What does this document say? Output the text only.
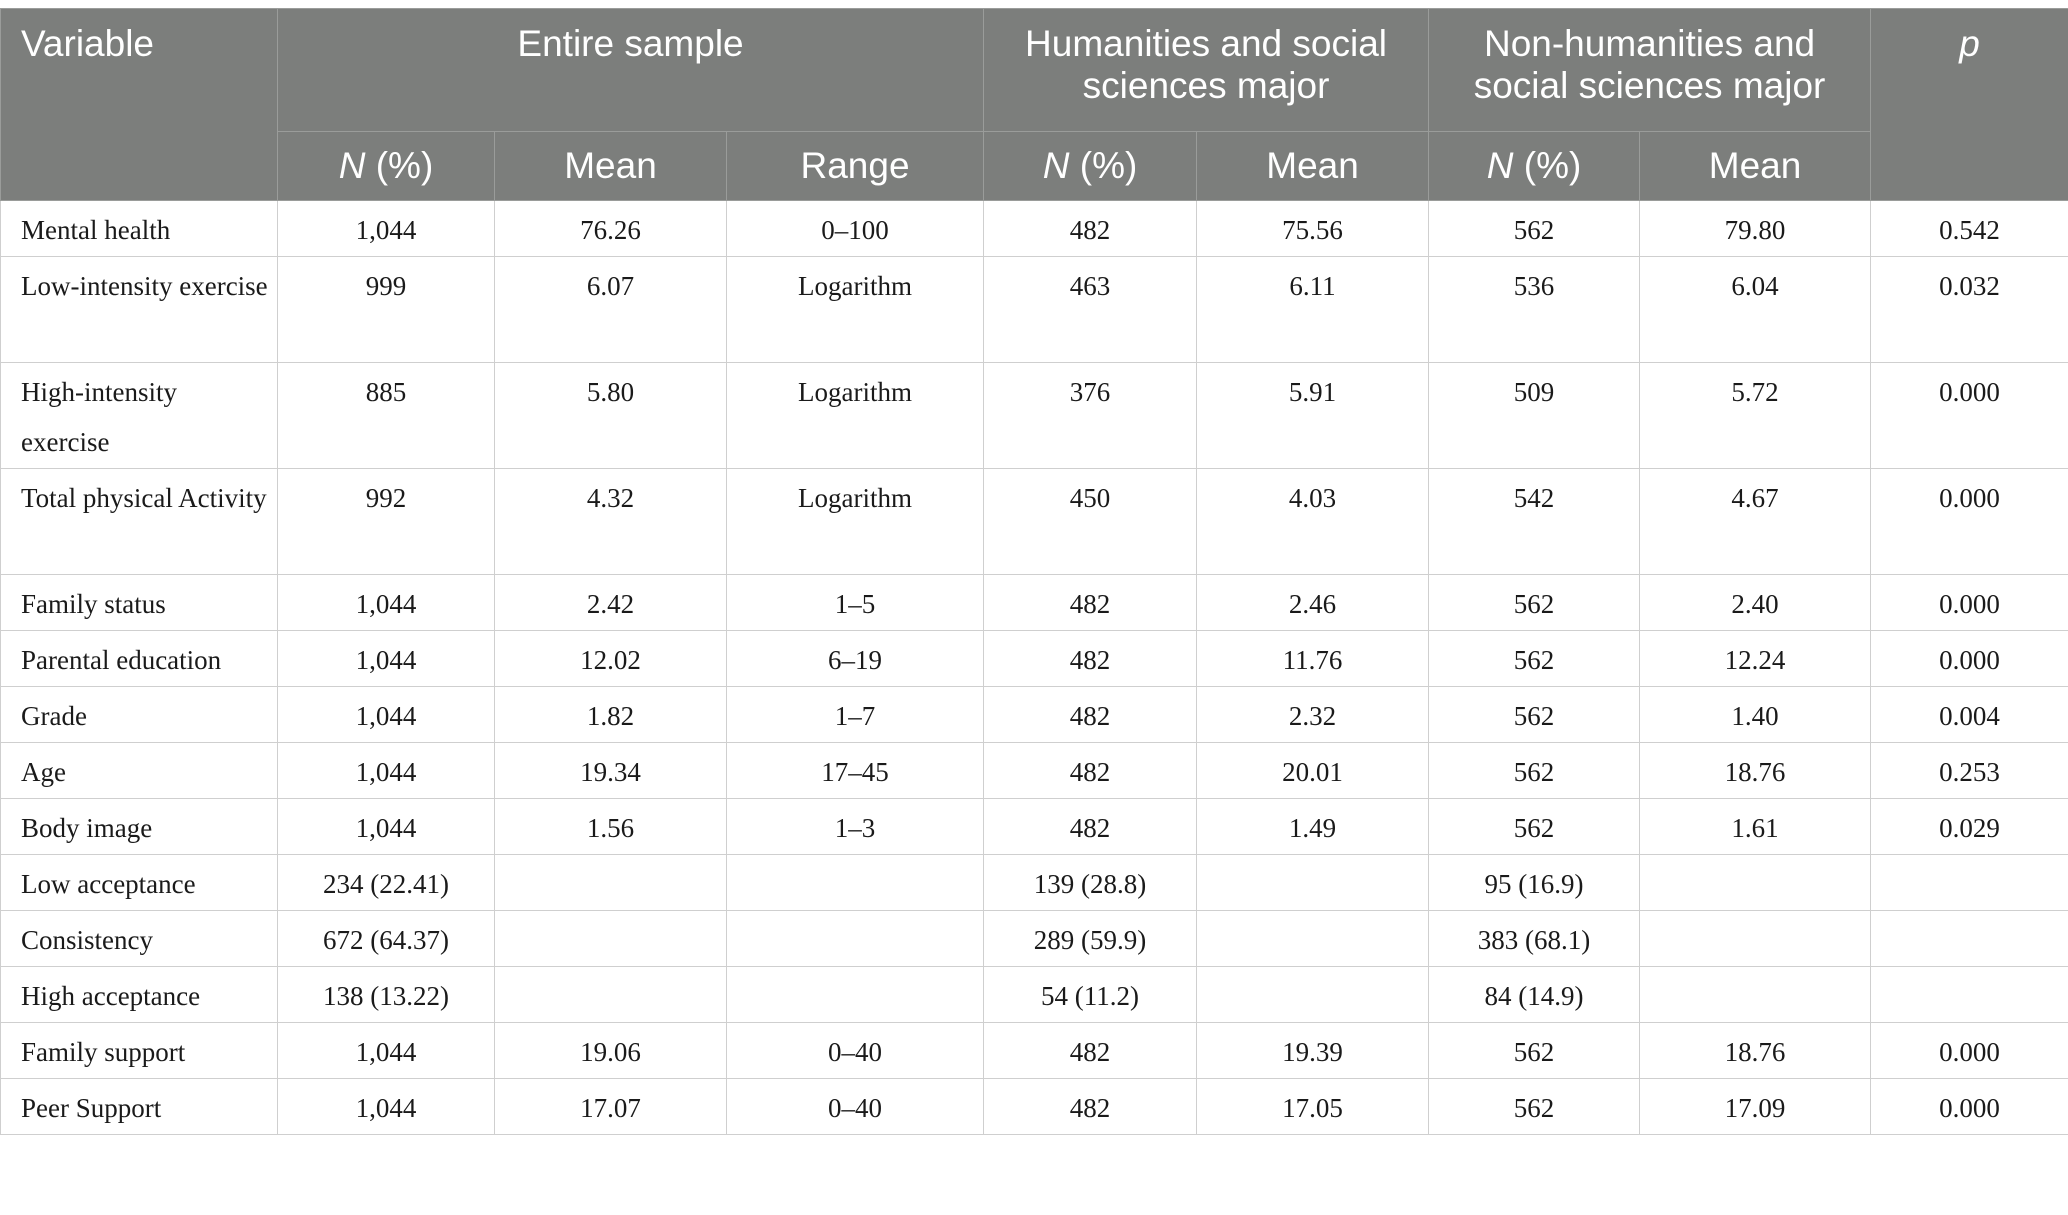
Variable	Entire sample			Humanities and social sciences major		Non-humanities and social sciences major		p
	N (%)	Mean	Range	N (%)	Mean	N (%)	Mean	
Mental health	1,044	76.26	0–100	482	75.56	562	79.80	0.542
Low-intensity exercise	999	6.07	Logarithm	463	6.11	536	6.04	0.032
High-intensity exercise	885	5.80	Logarithm	376	5.91	509	5.72	0.000
Total physical Activity	992	4.32	Logarithm	450	4.03	542	4.67	0.000
Family status	1,044	2.42	1–5	482	2.46	562	2.40	0.000
Parental education	1,044	12.02	6–19	482	11.76	562	12.24	0.000
Grade	1,044	1.82	1–7	482	2.32	562	1.40	0.004
Age	1,044	19.34	17–45	482	20.01	562	18.76	0.253
Body image	1,044	1.56	1–3	482	1.49	562	1.61	0.029
Low acceptance	234 (22.41)			139 (28.8)		95 (16.9)		
Consistency	672 (64.37)			289 (59.9)		383 (68.1)		
High acceptance	138 (13.22)			54 (11.2)		84 (14.9)		
Family support	1,044	19.06	0–40	482	19.39	562	18.76	0.000
Peer Support	1,044	17.07	0–40	482	17.05	562	17.09	0.000
